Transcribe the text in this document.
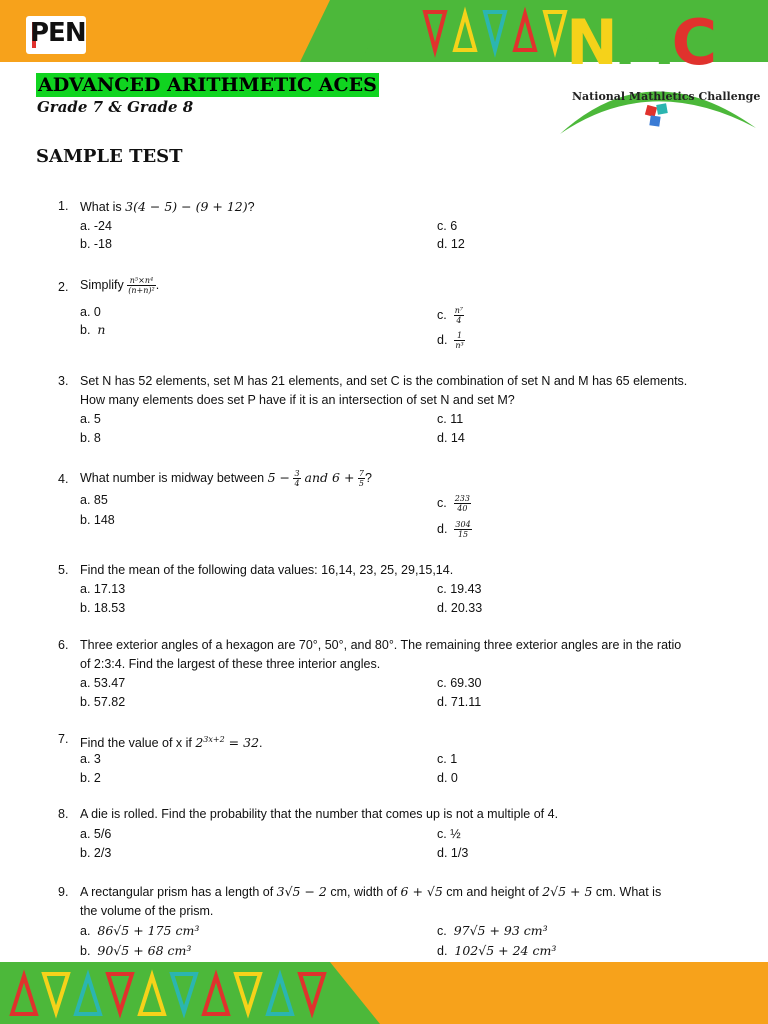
PEN	NMC
National Mathletics Challenge
ADVANCED ARITHMETIC ACES
Grade 7 & Grade 8
SAMPLE TEST
1. What is 3(4 − 5) − (9 + 12)?
a. -24
b. -18
c. 6
d. 12
2. Simplify $\frac{\text{n⁵×n⁴}}{\text{(n+n)²}}$ .
a. 0
b. n
c. $\frac{\text{n⁷}}{4}$
d. $\frac{1}{\text{n³}}$
3. Set N has 52 elements, set M has 21 elements, and set C is the combination of set N and M has 65 elements. How many elements does set P have if it is an intersection of set N and set M?
a. 5
b. 8
c. 11
d. 14
4. What number is midway between $5 - \frac{3}{4}$ and $6 + \frac{7}{5}$ ?
a. 85
b. 148
c. $\frac{233}{40}$
d. $\frac{304}{15}$
5. Find the mean of the following data values: 16,14, 23, 25, 29,15,14.
a. 17.13
b. 18.53
c. 19.43
d. 20.33
6. Three exterior angles of a hexagon are 70°, 50°, and 80°. The remaining three exterior angles are in the ratio of 2:3:4. Find the largest of these three interior angles.
a. 53.47
b. 57.82
c. 69.30
d. 71.11
7. Find the value of x if $2^{3x+2} = 32$.
a. 3
b. 2
c. 1
d. 0
8. A die is rolled. Find the probability that the number that comes up is not a multiple of 4.
a. 5/6
b. 2/3
c. ½
d. 1/3
9. A rectangular prism has a length of 3√5 − 2 cm, width of 6 + √5 cm and height of 2√5 + 5 cm. What is
the volume of the prism.
a. 86√5 + 175 cm³
b. 90√5 + 68 cm³
c. 97√5 + 93 cm³
d. 102√5 + 24 cm³
